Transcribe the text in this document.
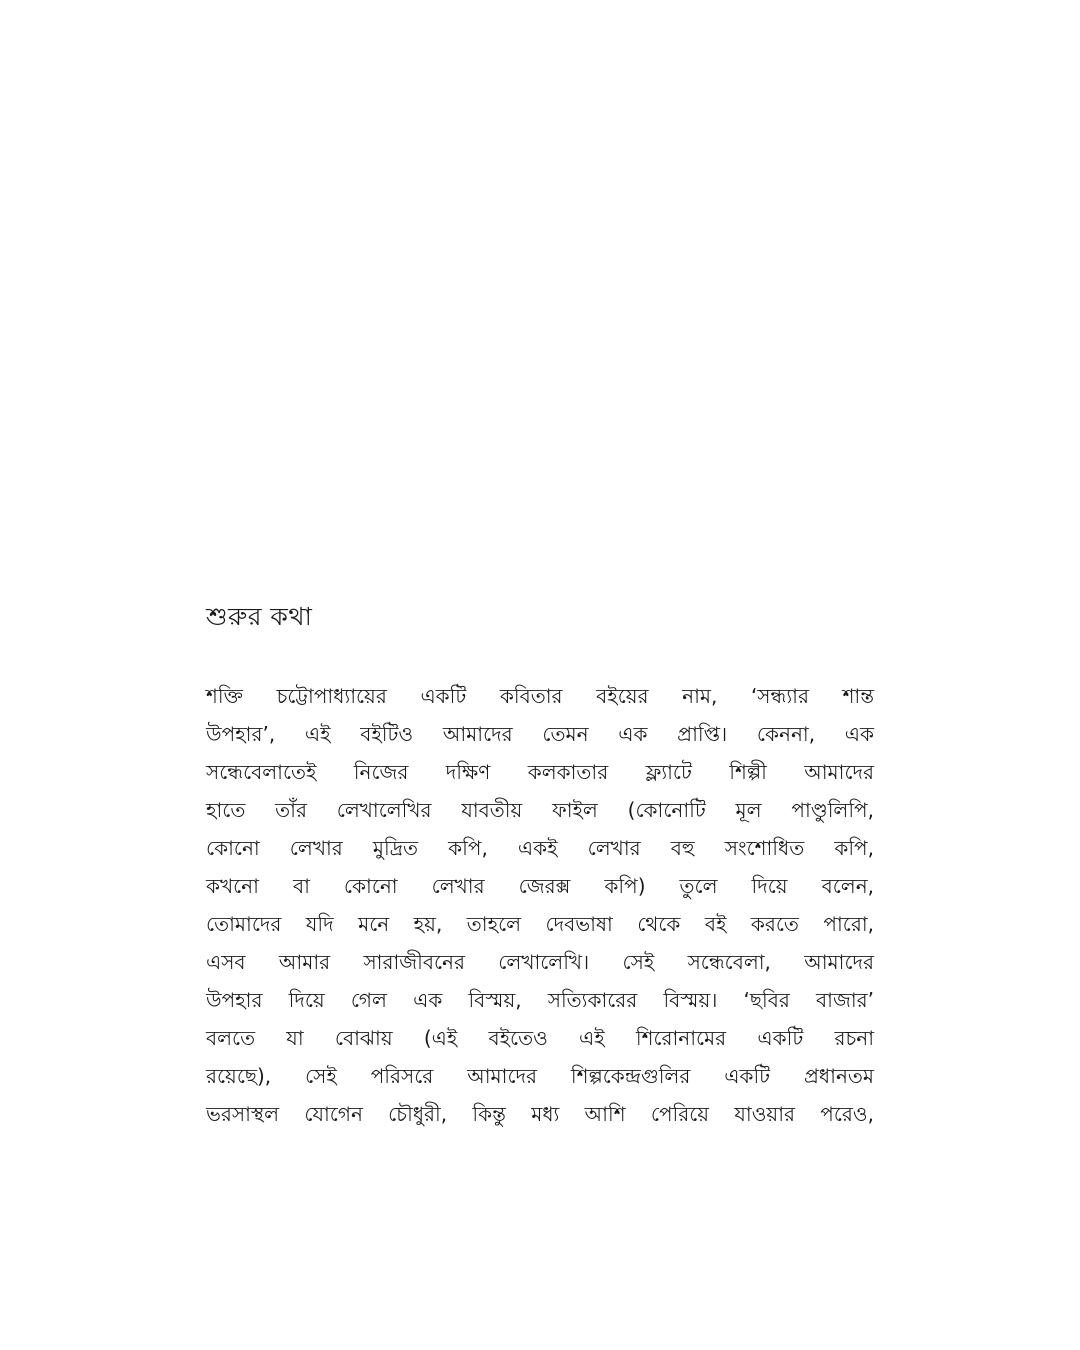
শুরুর কথা
শক্তি চট্টোপাধ্যায়ের একটি কবিতার বইয়ের নাম, ‘সন্ধ্যার শান্ত
উপহার’, এই বইটিও আমাদের তেমন এক প্রাপ্তি। কেননা, এক
সন্ধেবেলাতেই নিজের দক্ষিণ কলকাতার ফ্ল্যাটে শিল্পী আমাদের
হাতে তাঁর লেখালেখির যাবতীয় ফাইল (কোনোটি মূল পাণ্ডুলিপি,
কোনো লেখার মুদ্রিত কপি, একই লেখার বহু সংশোধিত কপি,
কখনো বা কোনো লেখার জেরক্স কপি) তুলে দিয়ে বলেন,
তোমাদের যদি মনে হয়, তাহলে দেবভাষা থেকে বই করতে পারো,
এসব আমার সারাজীবনের লেখালেখি। সেই সন্ধেবেলা, আমাদের
উপহার দিয়ে গেল এক বিস্ময়, সত্যিকারের বিস্ময়। ‘ছবির বাজার’
বলতে যা বোঝায় (এই বইতেও এই শিরোনামের একটি রচনা
রয়েছে), সেই পরিসরে আমাদের শিল্পকেন্দ্রগুলির একটি প্রধানতম
ভরসাস্থল যোগেন চৌধুরী, কিন্তু মধ্য আশি পেরিয়ে যাওয়ার পরেও,
